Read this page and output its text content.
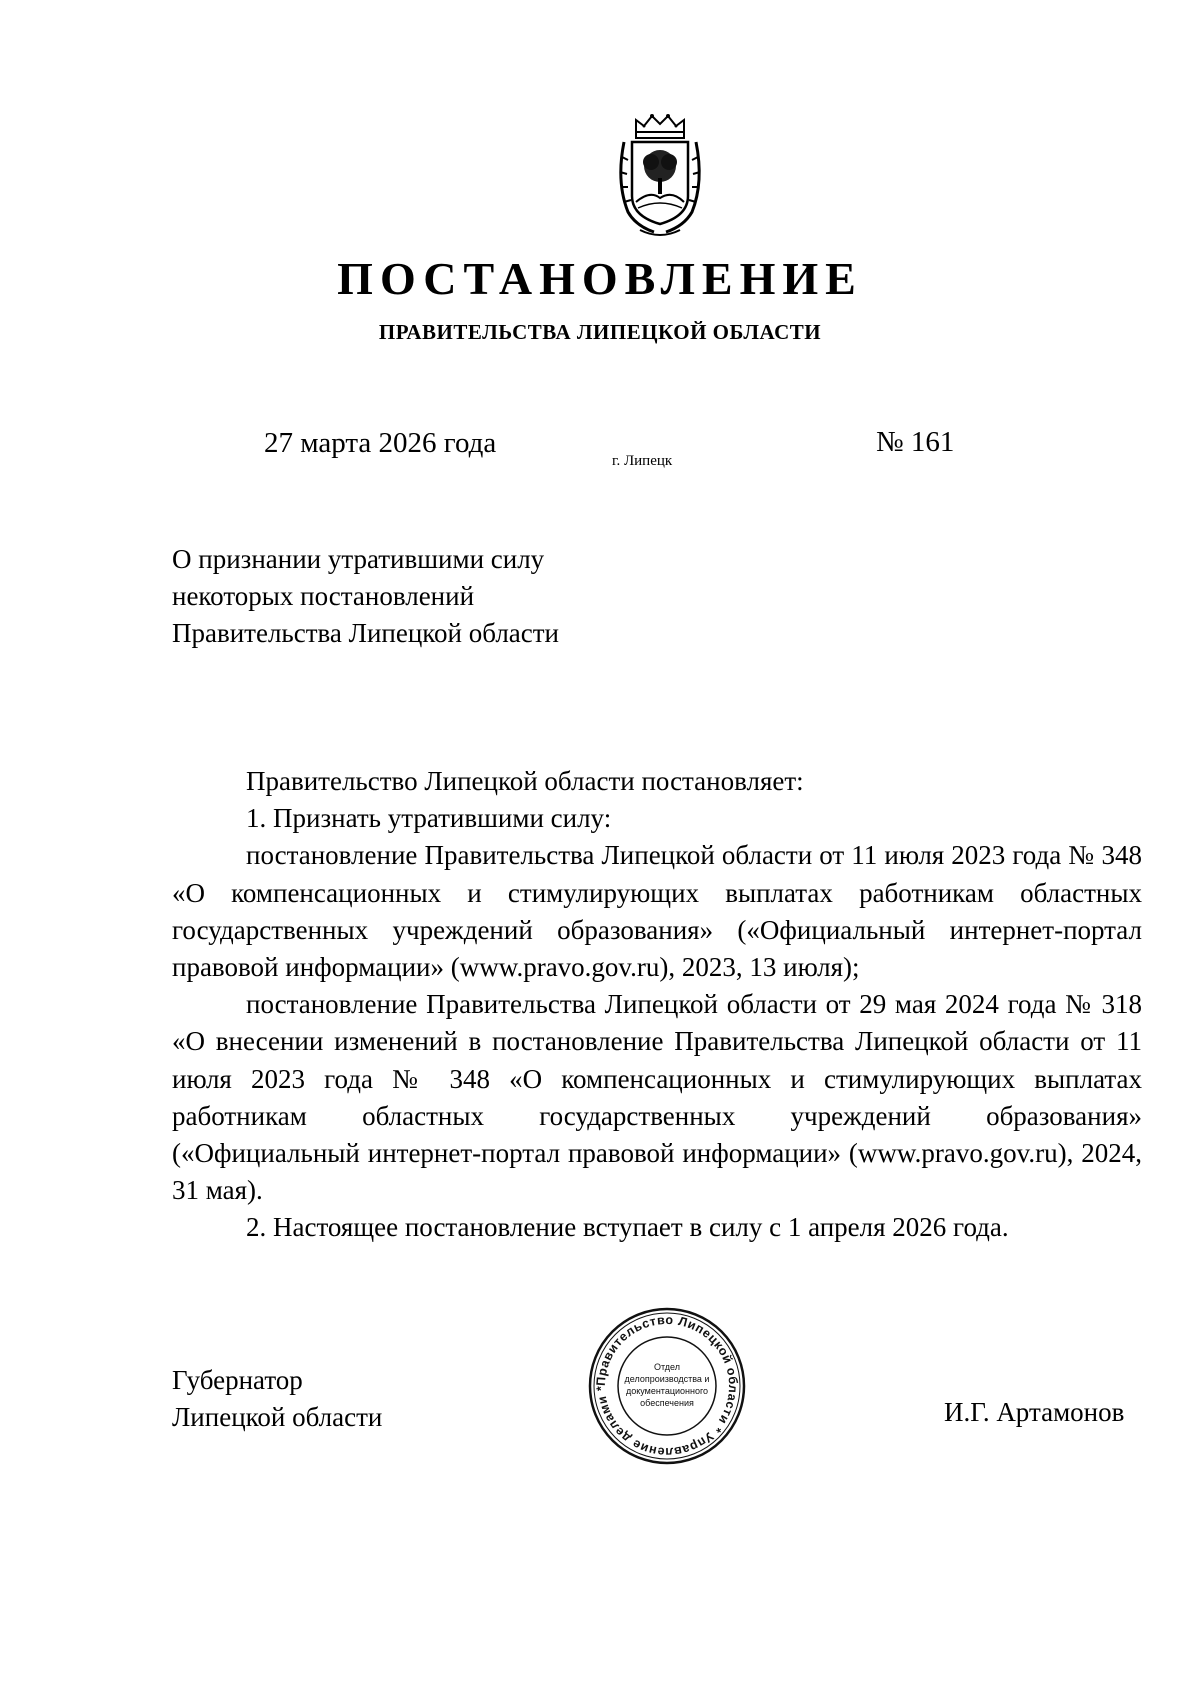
ПОСТАНОВЛЕНИЕ
ПРАВИТЕЛЬСТВА ЛИПЕЦКОЙ ОБЛАСТИ
27 марта 2026 года
г. Липецк
№ 161
О признании утратившими силу
некоторых постановлений
Правительства Липецкой области

Правительство Липецкой области постановляет:

1. Признать утратившими силу:

постановление Правительства Липецкой области от 11 июля 2023 года № 348 «О компенсационных и стимулирующих выплатах работникам областных государственных учреждений образования» («Официальный интернет-портал правовой информации» (www.pravo.gov.ru), 2023, 13 июля);

постановление Правительства Липецкой области от 29 мая 2024 года № 318 «О внесении изменений в постановление Правительства Липецкой области от 11 июля 2023 года № 348 «О компенсационных и стимулирующих выплатах работникам областных государственных учреждений образования» («Официальный интернет-портал правовой информации» (www.pravo.gov.ru), 2024, 31 мая).

2. Настоящее постановление вступает в силу с 1 апреля 2026 года.

Губернатор
Липецкой области
Правительство Липецкой области * Управление делами *
Отдел
делопроизводства и
документационного
обеспечения	И.Г. Артамонов
